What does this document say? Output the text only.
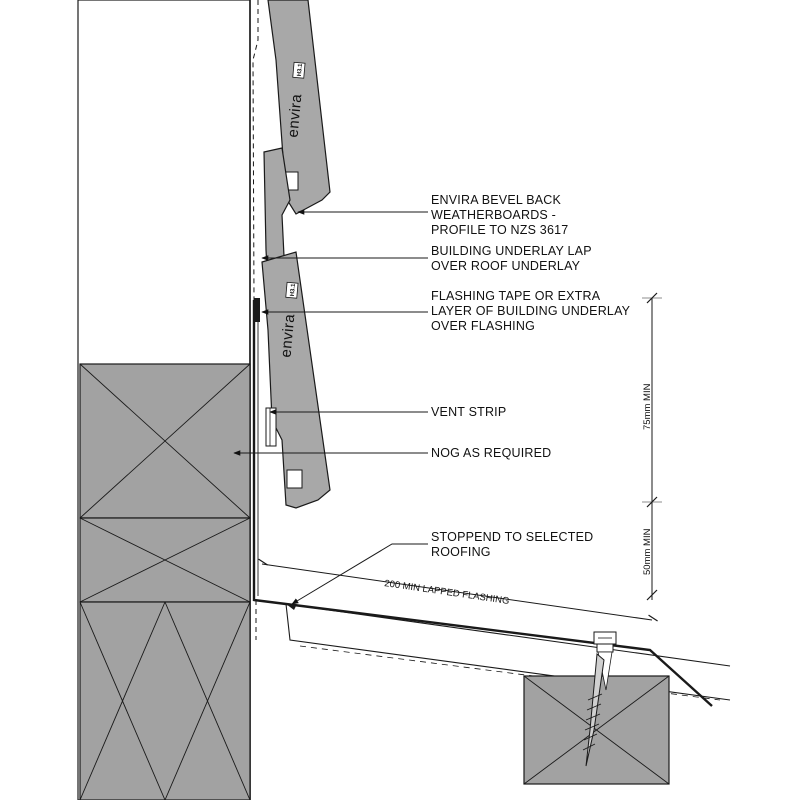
envira
H3.1
envira
H3.1
75mm MIN
50mm MIN
200 MIN LAPPED FLASHING
ENVIRA BEVEL BACK
WEATHERBOARDS -
PROFILE TO NZS 3617
BUILDING UNDERLAY LAP
OVER ROOF UNDERLAY
FLASHING TAPE OR EXTRA
LAYER OF BUILDING UNDERLAY
OVER FLASHING
VENT STRIP
NOG AS REQUIRED
STOPPEND TO SELECTED
ROOFING
